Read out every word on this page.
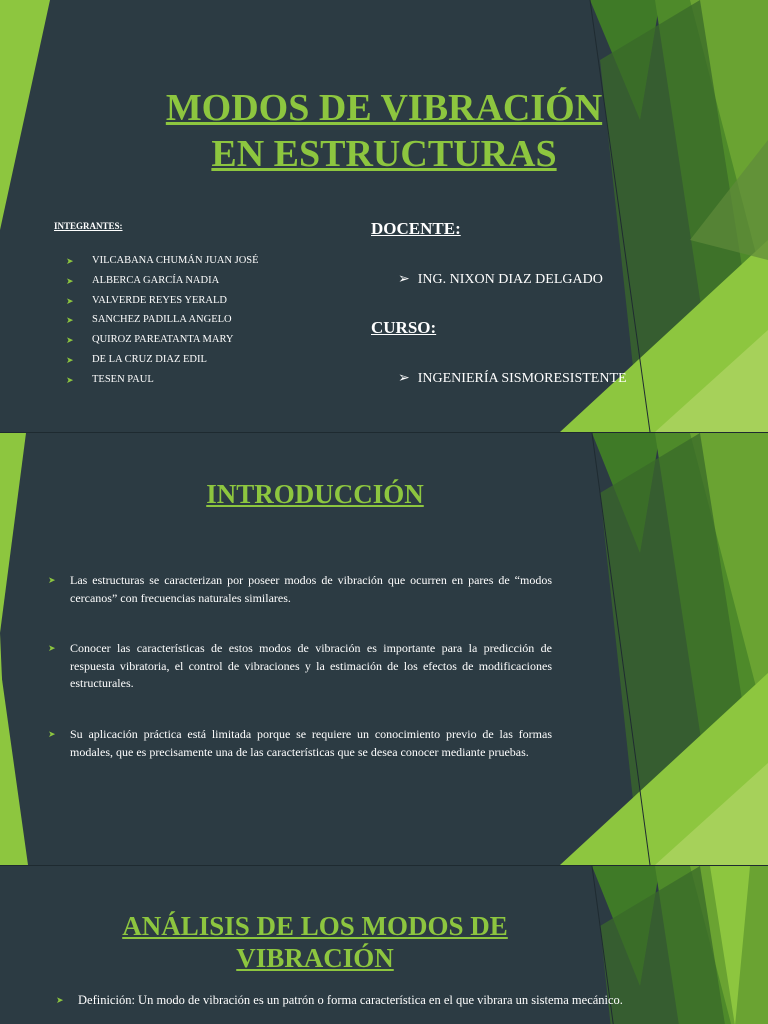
MODOS DE VIBRACIÓN
EN ESTRUCTURAS
INTEGRANTES:
➤ VILCABANA CHUMÁN JUAN JOSÉ
➤ ALBERCA GARCÍA NADIA
➤ VALVERDE REYES YERALD
➤ SANCHEZ PADILLA ANGELO
➤ QUIROZ PAREATANTA MARY
➤ DE LA CRUZ DIAZ EDIL
➤ TESEN PAUL
DOCENTE:
➢ ING. NIXON DIAZ DELGADO
CURSO:
➢ INGENIERÍA SISMORESISTENTE
INTRODUCCIÓN
➤	Las estructuras se caracterizan por poseer modos de vibración que ocurren en pares de “modos cercanos” con frecuencias naturales similares.
➤	Conocer las características de estos modos de vibración es importante para la predicción de respuesta vibratoria, el control de vibraciones y la estimación de los efectos de modificaciones estructurales.
➤	Su aplicación práctica está limitada porque se requiere un conocimiento previo de las formas modales, que es precisamente una de las características que se desea conocer mediante pruebas.
ANÁLISIS DE LOS MODOS DE
VIBRACIÓN
➤	Definición: Un modo de vibración es un patrón o forma característica en el que vibrara un sistema mecánico.
